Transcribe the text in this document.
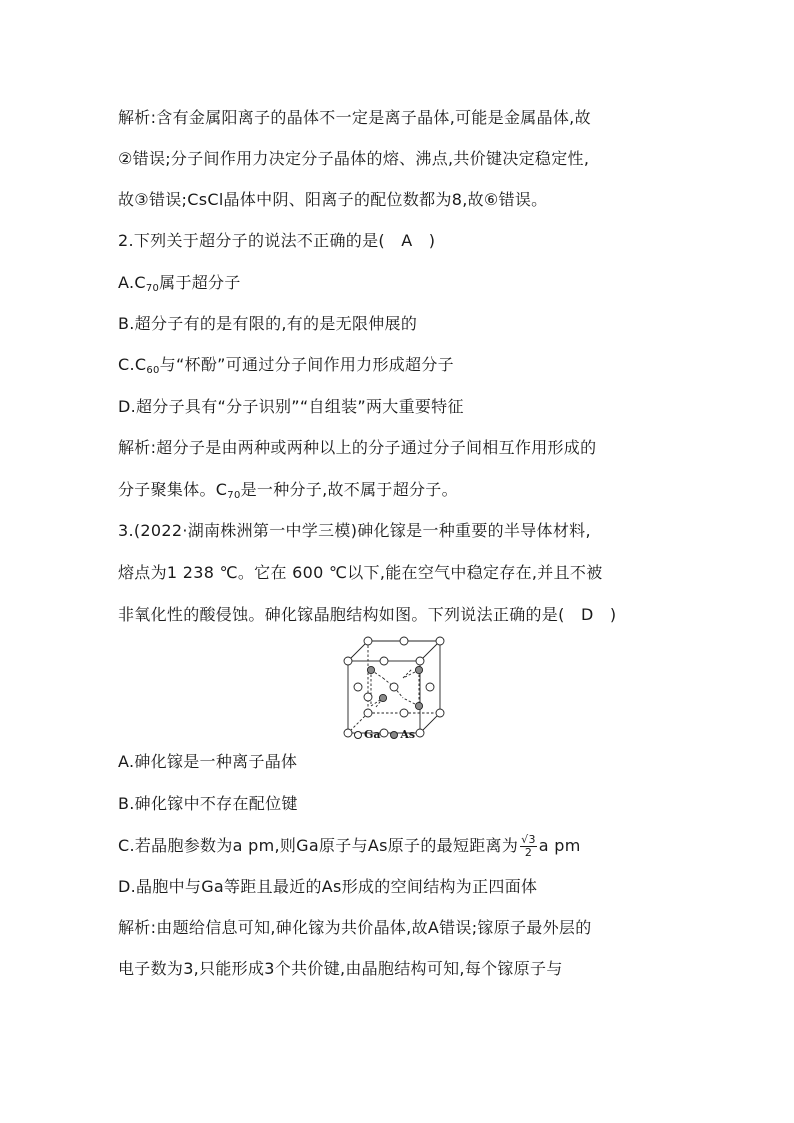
解析:含有金属阳离子的晶体不一定是离子晶体,可能是金属晶体,故
②错误;分子间作用力决定分子晶体的熔、沸点,共价键决定稳定性,
故③错误;CsCl晶体中阴、阳离子的配位数都为8,故⑥错误。
2.下列关于超分子的说法不正确的是(　A　)
$A.C_{70}$属于超分子
B.超分子有的是有限的,有的是无限伸展的
$C.C_{60}$与“杯酚”可通过分子间作用力形成超分子
D.超分子具有“分子识别”“自组装”两大重要特征
解析:超分子是由两种或两种以上的分子通过分子间相互作用形成的
分子聚集体。$C_{70}$是一种分子,故不属于超分子。
3.(2022·湖南株洲第一中学三模)砷化镓是一种重要的半导体材料,
熔点为1 238 ℃。它在 600 ℃以下,能在空气中稳定存在,并且不被
非氧化性的酸侵蚀。砷化镓晶胞结构如图。下列说法正确的是(　D　)
Ga As
A.砷化镓是一种离子晶体
B.砷化镓中不存在配位键
C.若晶胞参数为a pm,则Ga原子与As原子的最短距离为 $\frac{√3}{2}$ a pm
D.晶胞中与Ga等距且最近的As形成的空间结构为正四面体
解析:由题给信息可知,砷化镓为共价晶体,故A错误;镓原子最外层的
电子数为3,只能形成3个共价键,由晶胞结构可知,每个镓原子与
